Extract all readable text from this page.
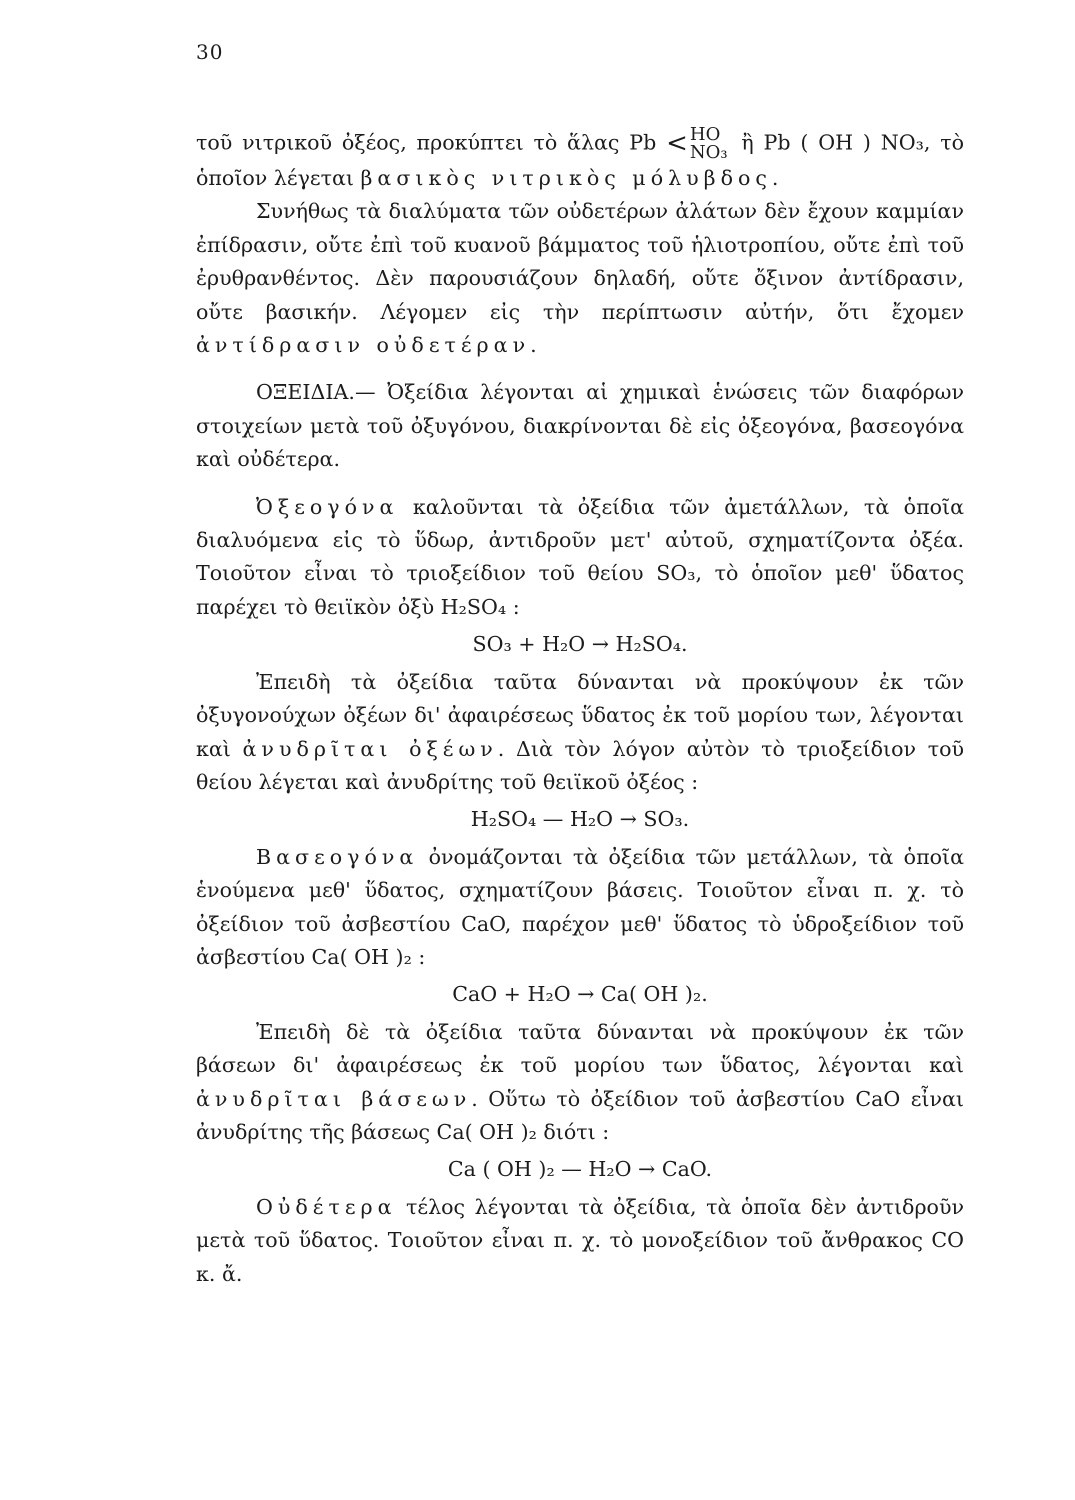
30

τοῦ νιτρικοῦ ὀξέος, προκύπτει τὸ ἅλας Pb < HO
NO₃ ἢ Pb ( OH ) NO₃, τὸ ὁποῖον λέγεται βασικὸς νιτρικὸς μόλυβδος.

Συνήθως τὰ διαλύματα τῶν οὐδετέρων ἀλάτων δὲν ἔχουν καμμίαν ἐπίδρασιν, οὔτε ἐπὶ τοῦ κυανοῦ βάμματος τοῦ ἡλιοτροπίου, οὔτε ἐπὶ τοῦ ἐρυθρανθέντος. Δὲν παρουσιάζουν δηλαδή, οὔτε ὄξινον ἀντίδρασιν, οὔτε βασικήν. Λέγομεν εἰς τὴν περίπτωσιν αὐτήν, ὅτι ἔχομεν ἀντίδρασιν οὐδετέραν.

ΟΞΕΙΔΙΑ.— Ὀξείδια λέγονται αἱ χημικαὶ ἑνώσεις τῶν διαφόρων στοιχείων μετὰ τοῦ ὀξυγόνου, διακρίνονται δὲ εἰς ὀξεογόνα, βασεογόνα καὶ οὐδέτερα.

Ὀξεογόνα καλοῦνται τὰ ὀξείδια τῶν ἀμετάλλων, τὰ ὁποῖα διαλυόμενα εἰς τὸ ὕδωρ, ἀντιδροῦν μετ' αὐτοῦ, σχηματίζοντα ὀξέα. Τοιοῦτον εἶναι τὸ τριοξείδιον τοῦ θείου SO₃, τὸ ὁποῖον μεθ' ὕδατος παρέχει τὸ θειϊκὸν ὀξὺ H₂SO₄ :

SO₃ + H₂O → H₂SO₄.

Ἐπειδὴ τὰ ὀξείδια ταῦτα δύνανται νὰ προκύψουν ἐκ τῶν ὀξυγονούχων ὀξέων δι' ἀφαιρέσεως ὕδατος ἐκ τοῦ μορίου των, λέγονται καὶ ἀνυδρῖται ὀξέων. Διὰ τὸν λόγον αὐτὸν τὸ τριοξείδιον τοῦ θείου λέγεται καὶ ἀνυδρίτης τοῦ θειϊκοῦ ὀξέος :

H₂SO₄ — H₂O → SO₃.

Βασεογόνα ὀνομάζονται τὰ ὀξείδια τῶν μετάλλων, τὰ ὁποῖα ἑνούμενα μεθ' ὕδατος, σχηματίζουν βάσεις. Τοιοῦτον εἶναι π. χ. τὸ ὀξείδιον τοῦ ἀσβεστίου CaO, παρέχον μεθ' ὕδατος τὸ ὑδροξείδιον τοῦ ἀσβεστίου Ca( OH )₂ :

CaO + H₂O → Ca( OH )₂.

Ἐπειδὴ δὲ τὰ ὀξείδια ταῦτα δύνανται νὰ προκύψουν ἐκ τῶν βάσεων δι' ἀφαιρέσεως ἐκ τοῦ μορίου των ὕδατος, λέγονται καὶ ἀνυδρῖται βάσεων. Οὕτω τὸ ὀξείδιον τοῦ ἀσβεστίου CaO εἶναι ἀνυδρίτης τῆς βάσεως Ca( OH )₂ διότι :

Ca ( OH )₂ — H₂O → CaO.

Οὐδέτερα τέλος λέγονται τὰ ὀξείδια, τὰ ὁποῖα δὲν ἀντιδροῦν μετὰ τοῦ ὕδατος. Τοιοῦτον εἶναι π. χ. τὸ μονοξείδιον τοῦ ἄνθρακος CO κ. ἄ.
